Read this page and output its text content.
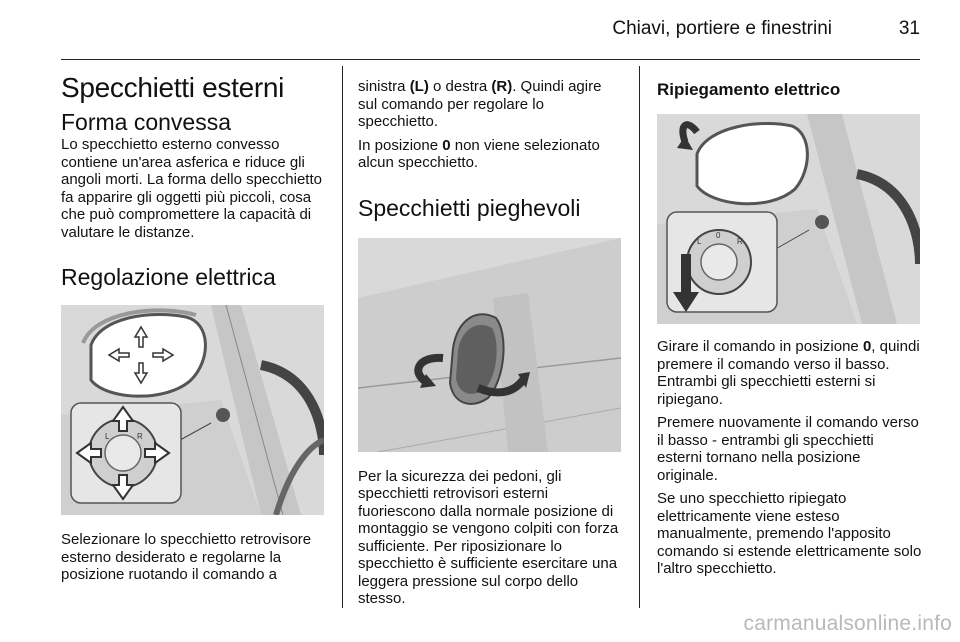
Chiavi, portiere e finestrini	31
Specchietti esterni
Forma convessa

Lo specchietto esterno convesso contiene un'area asferica e riduce gli angoli morti. La forma dello specchietto fa apparire gli oggetti più piccoli, cosa che può compromettere la capacità di valutare le distanze.

Regolazione elettrica
L	R

Selezionare lo specchietto retrovisore esterno desiderato e regolarne la posizione ruotando il comando a

sinistra (L) o destra (R). Quindi agire sul comando per regolare lo specchietto.

In posizione 0 non viene selezionato alcun specchietto.

Specchietti pieghevoli

Per la sicurezza dei pedoni, gli specchietti retrovisori esterni fuoriescono dalla normale posizione di montaggio se vengono colpiti con forza sufficiente. Per riposizionare lo specchietto è sufficiente esercitare una leggera pressione sul corpo dello stesso.

Ripiegamento elettrico
L
0
R

Girare il comando in posizione 0, quindi premere il comando verso il basso. Entrambi gli specchietti esterni si ripiegano.

Premere nuovamente il comando verso il basso - entrambi gli specchietti esterni tornano nella posizione originale.

Se uno specchietto ripiegato elettricamente viene esteso manualmente, premendo l'apposito comando si estende elettricamente solo l'altro specchietto.

carmanualsonline.info
